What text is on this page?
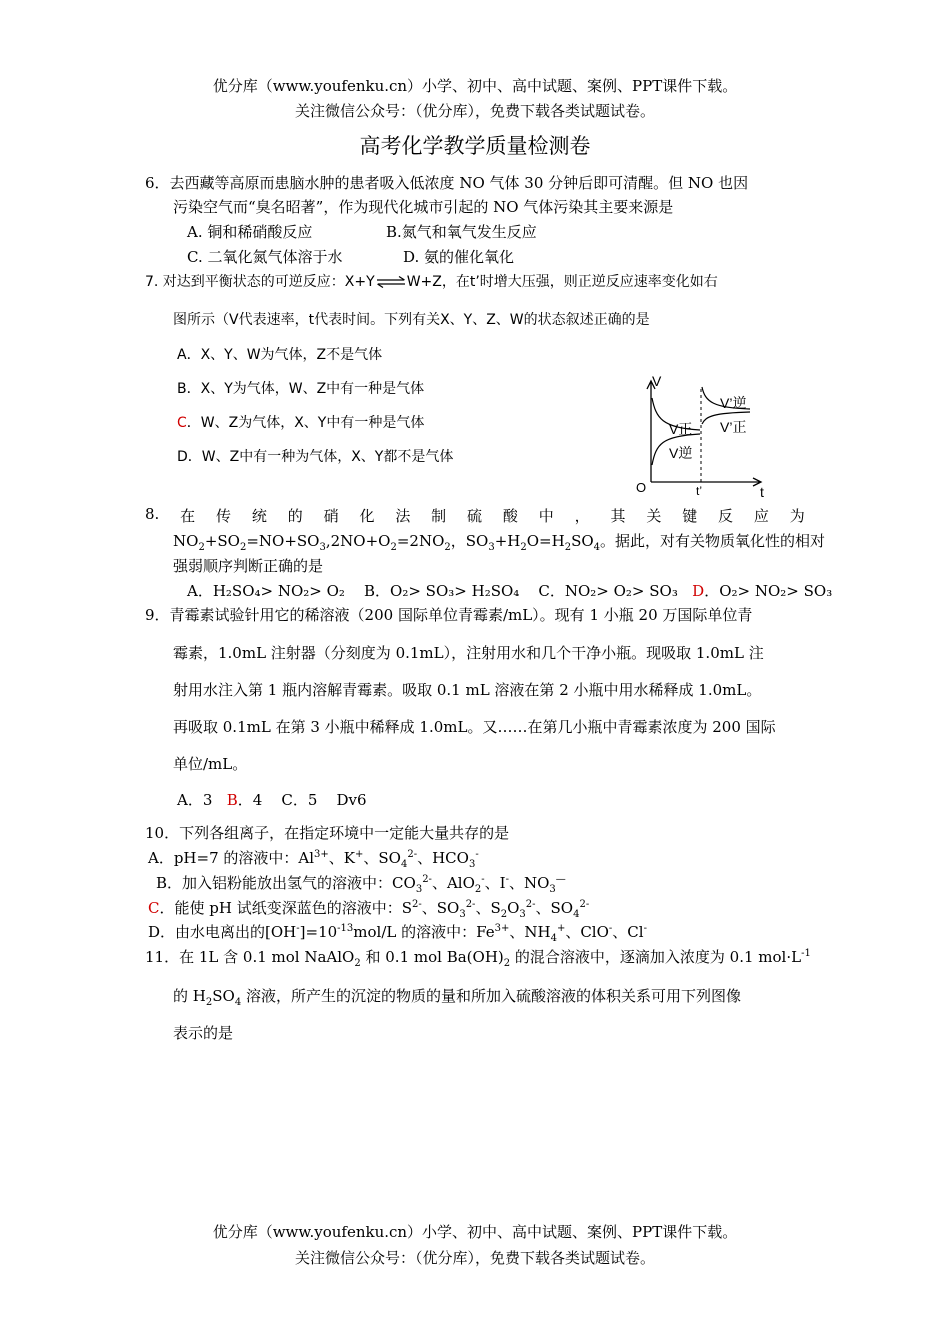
优分库（www.youfenku.cn）小学、初中、高中试题、案例、PPT课件下载。
关注微信公众号：（优分库），免费下载各类试题试卷。
高考化学教学质量检测卷
6．去西藏等高原而患脑水肿的患者吸入低浓度 NO 气体 30 分钟后即可清醒。但 NO 也因
污染空气而“臭名昭著”，作为现代化城市引起的 NO 气体污染其主要来源是
A. 铜和稀硝酸反应	B.氮气和氧气发生反应
C. 二氧化氮气体溶于水	D. 氨的催化氧化
7. 对达到平衡状态的可逆反应：X+Y⇌W+Z，在t’时增大压强，则正逆反应速率变化如右
图所示（V代表速率，t代表时间。下列有关X、Y、Z、W的状态叙述正确的是
A．X、Y、W为气体，Z不是气体
B．X、Y为气体，W、Z中有一种是气体
C．W、Z为气体，X、Y中有一种是气体
D．W、Z中有一种为气体，X、Y都不是气体
V
t
O	t’
V正
V逆
V’逆
V’正
8. 在 传 统 的 硝 化 法 制 硫 酸 中 ， 其 关 键 反 应 为
$NO_2+SO_2=NO+SO_3,2NO+O_2=2NO_2$，$SO_3+H_2O=H_2SO_4$。据此，对有关物质氧化性的相对
强弱顺序判断正确的是
A．H₂SO₄> NO₂> O₂ B．O₂> SO₃> H₂SO₄ C．NO₂> O₂> SO₃ D．O₂> NO₂> SO₃
9．青霉素试验针用它的稀溶液（200 国际单位青霉素/mL）。现有 1 小瓶 20 万国际单位青
霉素，1.0mL 注射器（分刻度为 0.1mL），注射用水和几个干净小瓶。现吸取 1.0mL 注
射用水注入第 1 瓶内溶解青霉素。吸取 0.1 mL 溶液在第 2 小瓶中用水稀释成 1.0mL。
再吸取 0.1mL 在第 3 小瓶中稀释成 1.0mL。又……在第几小瓶中青霉素浓度为 200 国际
单位/mL。
A．3 B．4 C．5 Dv6
10．下列各组离子，在指定环境中一定能大量共存的是
A．pH=7 的溶液中：$Al^{3+}$、K+、$SO_4^{2-}$、$HCO_3^-$
B．加入铝粉能放出氢气的溶液中：$CO_3^{2-}$、AlO$_2$-、I-、$NO_3^—$
C．能使 pH 试纸变深蓝色的溶液中：$S^{2-}$、$SO_3^{2-}$、$S_2O_3^{2-}$、$SO_4^{2-}$
D．由水电离出的$[OH^-]=10^{-13}mol/L$ 的溶液中：$Fe^{3+}$、$NH_4^+$、ClO-、Cl-
11．在 1L 含 0.1 mol NaAlO$_2$ 和 0.1 mol $Ba(OH)_2$ 的混合溶液中，逐滴加入浓度为 0.1 $mol\cdot L^{-1}$
的 $H_2SO_4$ 溶液，所产生的沉淀的物质的量和所加入硫酸溶液的体积关系可用下列图像
表示的是
优分库（www.youfenku.cn）小学、初中、高中试题、案例、PPT课件下载。
关注微信公众号：（优分库），免费下载各类试题试卷。
